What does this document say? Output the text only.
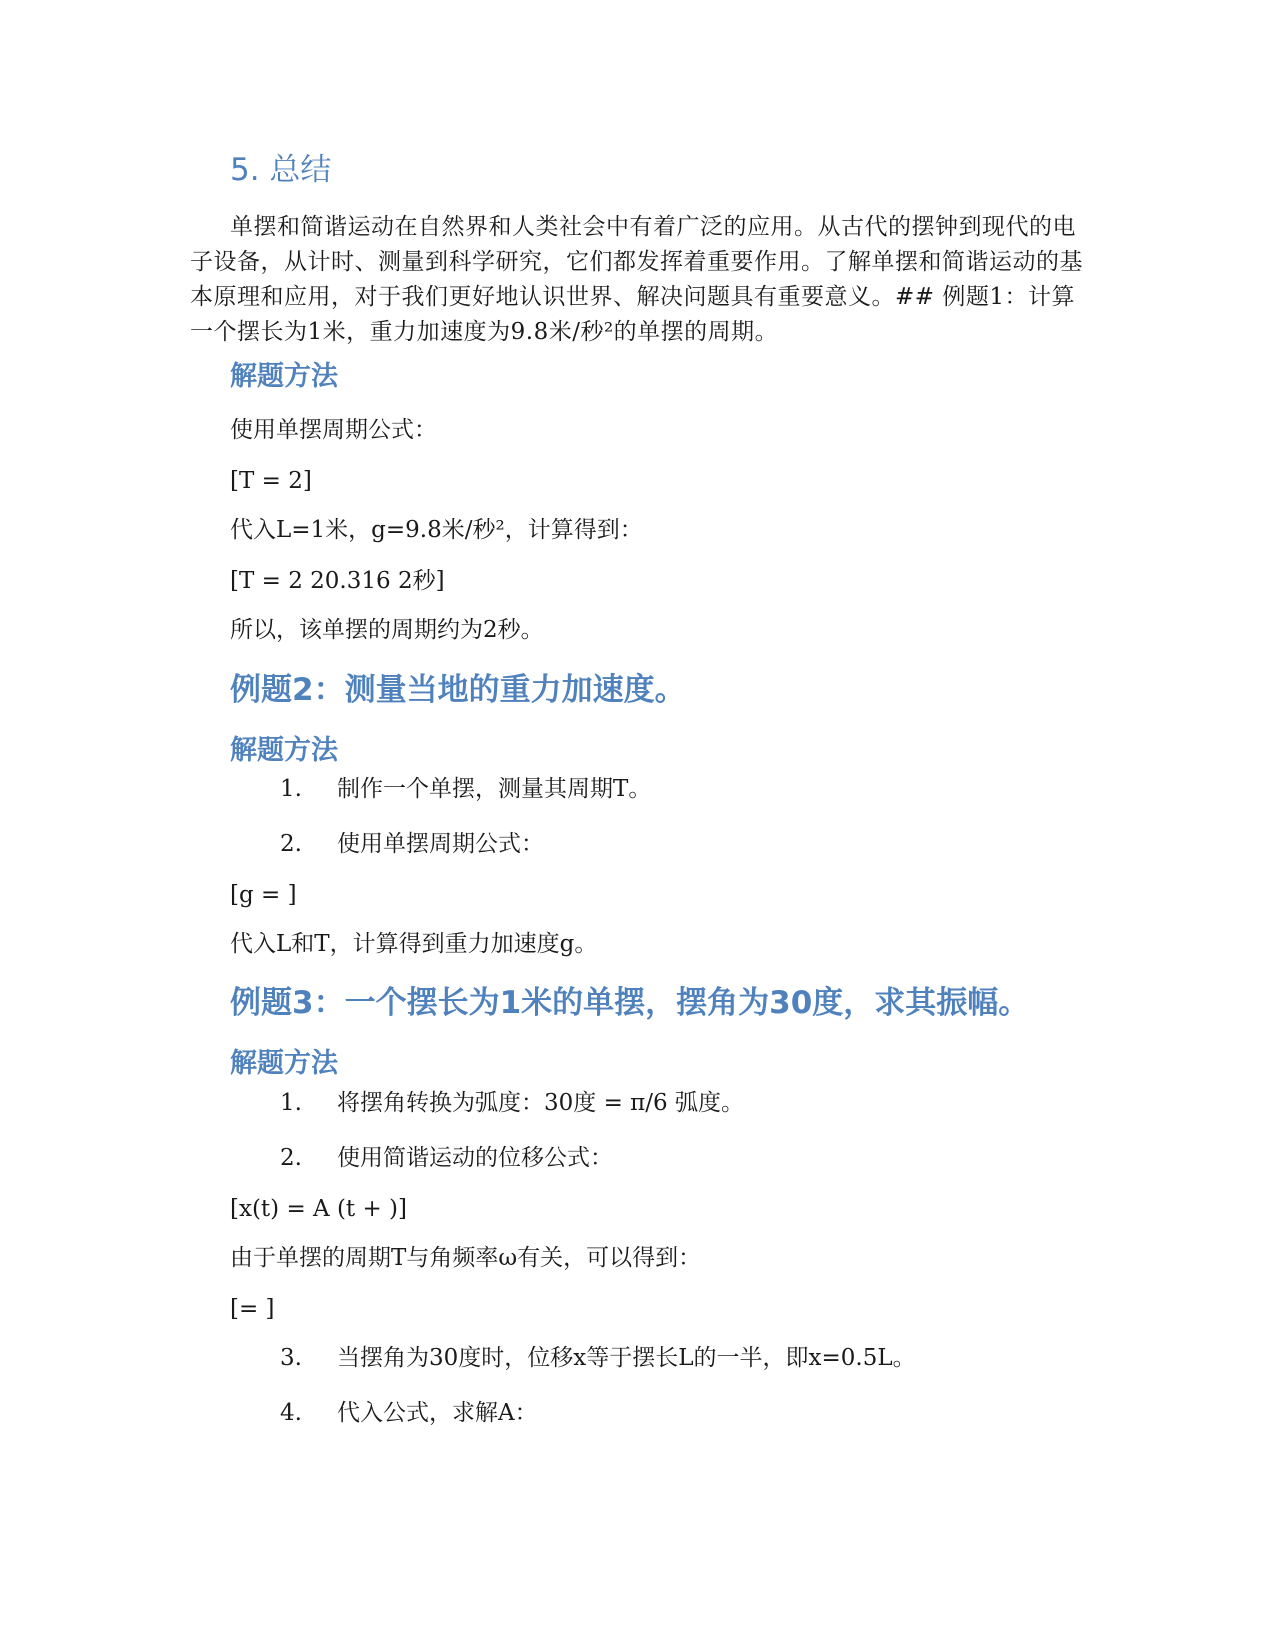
5. 总结

单摆和简谐运动在自然界和人类社会中有着广泛的应用。从古代的摆钟到现代的电子设备，从计时、测量到科学研究，它们都发挥着重要作用。了解单摆和简谐运动的基本原理和应用，对于我们更好地认识世界、解决问题具有重要意义。## 例题1：计算一个摆长为1米，重力加速度为9.8米/秒²的单摆的周期。

解题方法

使用单摆周期公式：

[T = 2]

代入L=1米，g=9.8米/秒²，计算得到：

[T = 2 20.316 2秒]

所以，该单摆的周期约为2秒。

例题2：测量当地的重力加速度。
解题方法

1. 制作一个单摆，测量其周期T。

2. 使用单摆周期公式：

[g = ]

代入L和T，计算得到重力加速度g。

例题3：一个摆长为1米的单摆，摆角为30度，求其振幅。
解题方法

1. 将摆角转换为弧度：30度 = π/6 弧度。

2. 使用简谐运动的位移公式：

[x(t) = A (t + )]

由于单摆的周期T与角频率ω有关，可以得到：

[= ]

3. 当摆角为30度时，位移x等于摆长L的一半，即x=0.5L。

4. 代入公式，求解A：
